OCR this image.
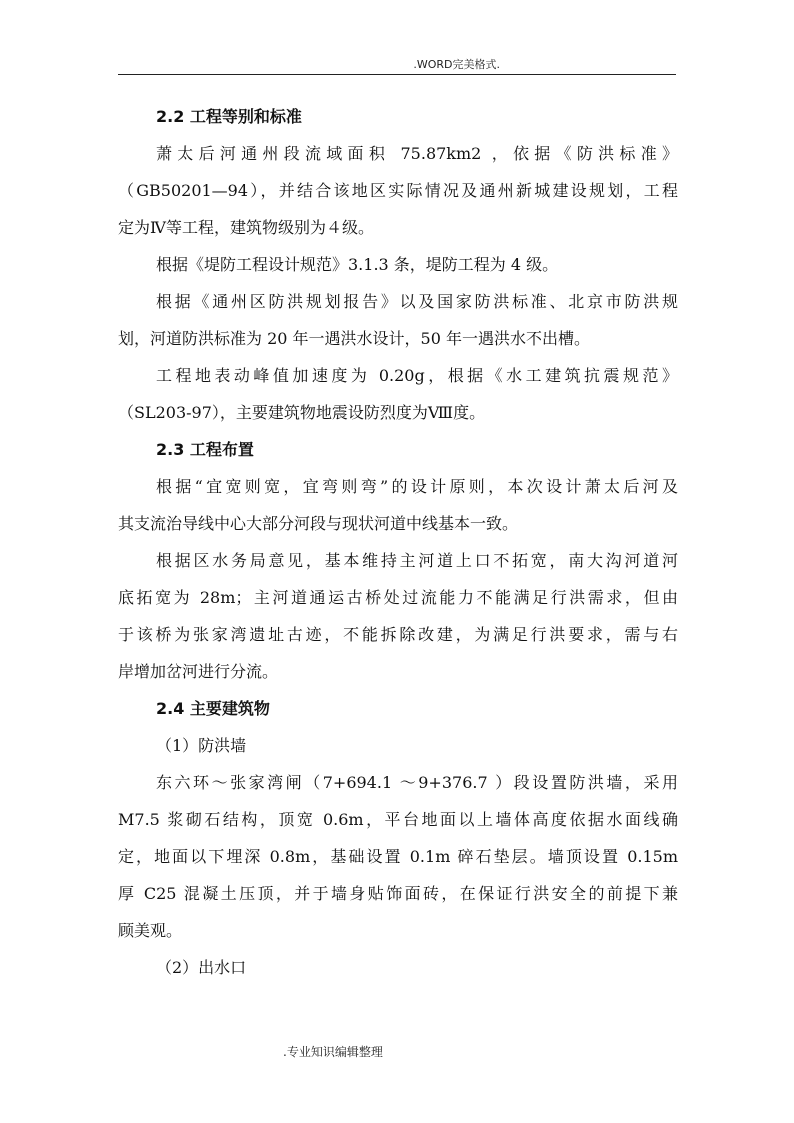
.WORD完美格式.
2.2 工程等别和标准
萧太后河通州段流域面积 75.87km2 ，依据《防洪标准》
（GB50201—94），并结合该地区实际情况及通州新城建设规划，工程
定为Ⅳ等工程，建筑物级别为４级。
根据《堤防工程设计规范》3.1.3 条，堤防工程为 4 级。
根据《通州区防洪规划报告》以及国家防洪标准、北京市防洪规
划，河道防洪标准为 20 年一遇洪水设计，50 年一遇洪水不出槽。
工程地表动峰值加速度为 0.20g，根据《水工建筑抗震规范》
（SL203-97），主要建筑物地震设防烈度为Ⅷ度。
2.3 工程布置
根据“宜宽则宽，宜弯则弯”的设计原则，本次设计萧太后河及
其支流治导线中心大部分河段与现状河道中线基本一致。
根据区水务局意见，基本维持主河道上口不拓宽，南大沟河道河
底拓宽为 28m；主河道通运古桥处过流能力不能满足行洪需求，但由
于该桥为张家湾遗址古迹，不能拆除改建，为满足行洪要求，需与右
岸增加岔河进行分流。
2.4 主要建筑物
（1）防洪墙
东六环～张家湾闸（7+694.1 ～9+376.7 ）段设置防洪墙，采用
M7.5 浆砌石结构，顶宽 0.6m，平台地面以上墙体高度依据水面线确
定，地面以下埋深 0.8m，基础设置 0.1m 碎石垫层。墙顶设置 0.15m
厚 C25 混凝土压顶，并于墙身贴饰面砖，在保证行洪安全的前提下兼
顾美观。
（2）出水口
.专业知识编辑整理
